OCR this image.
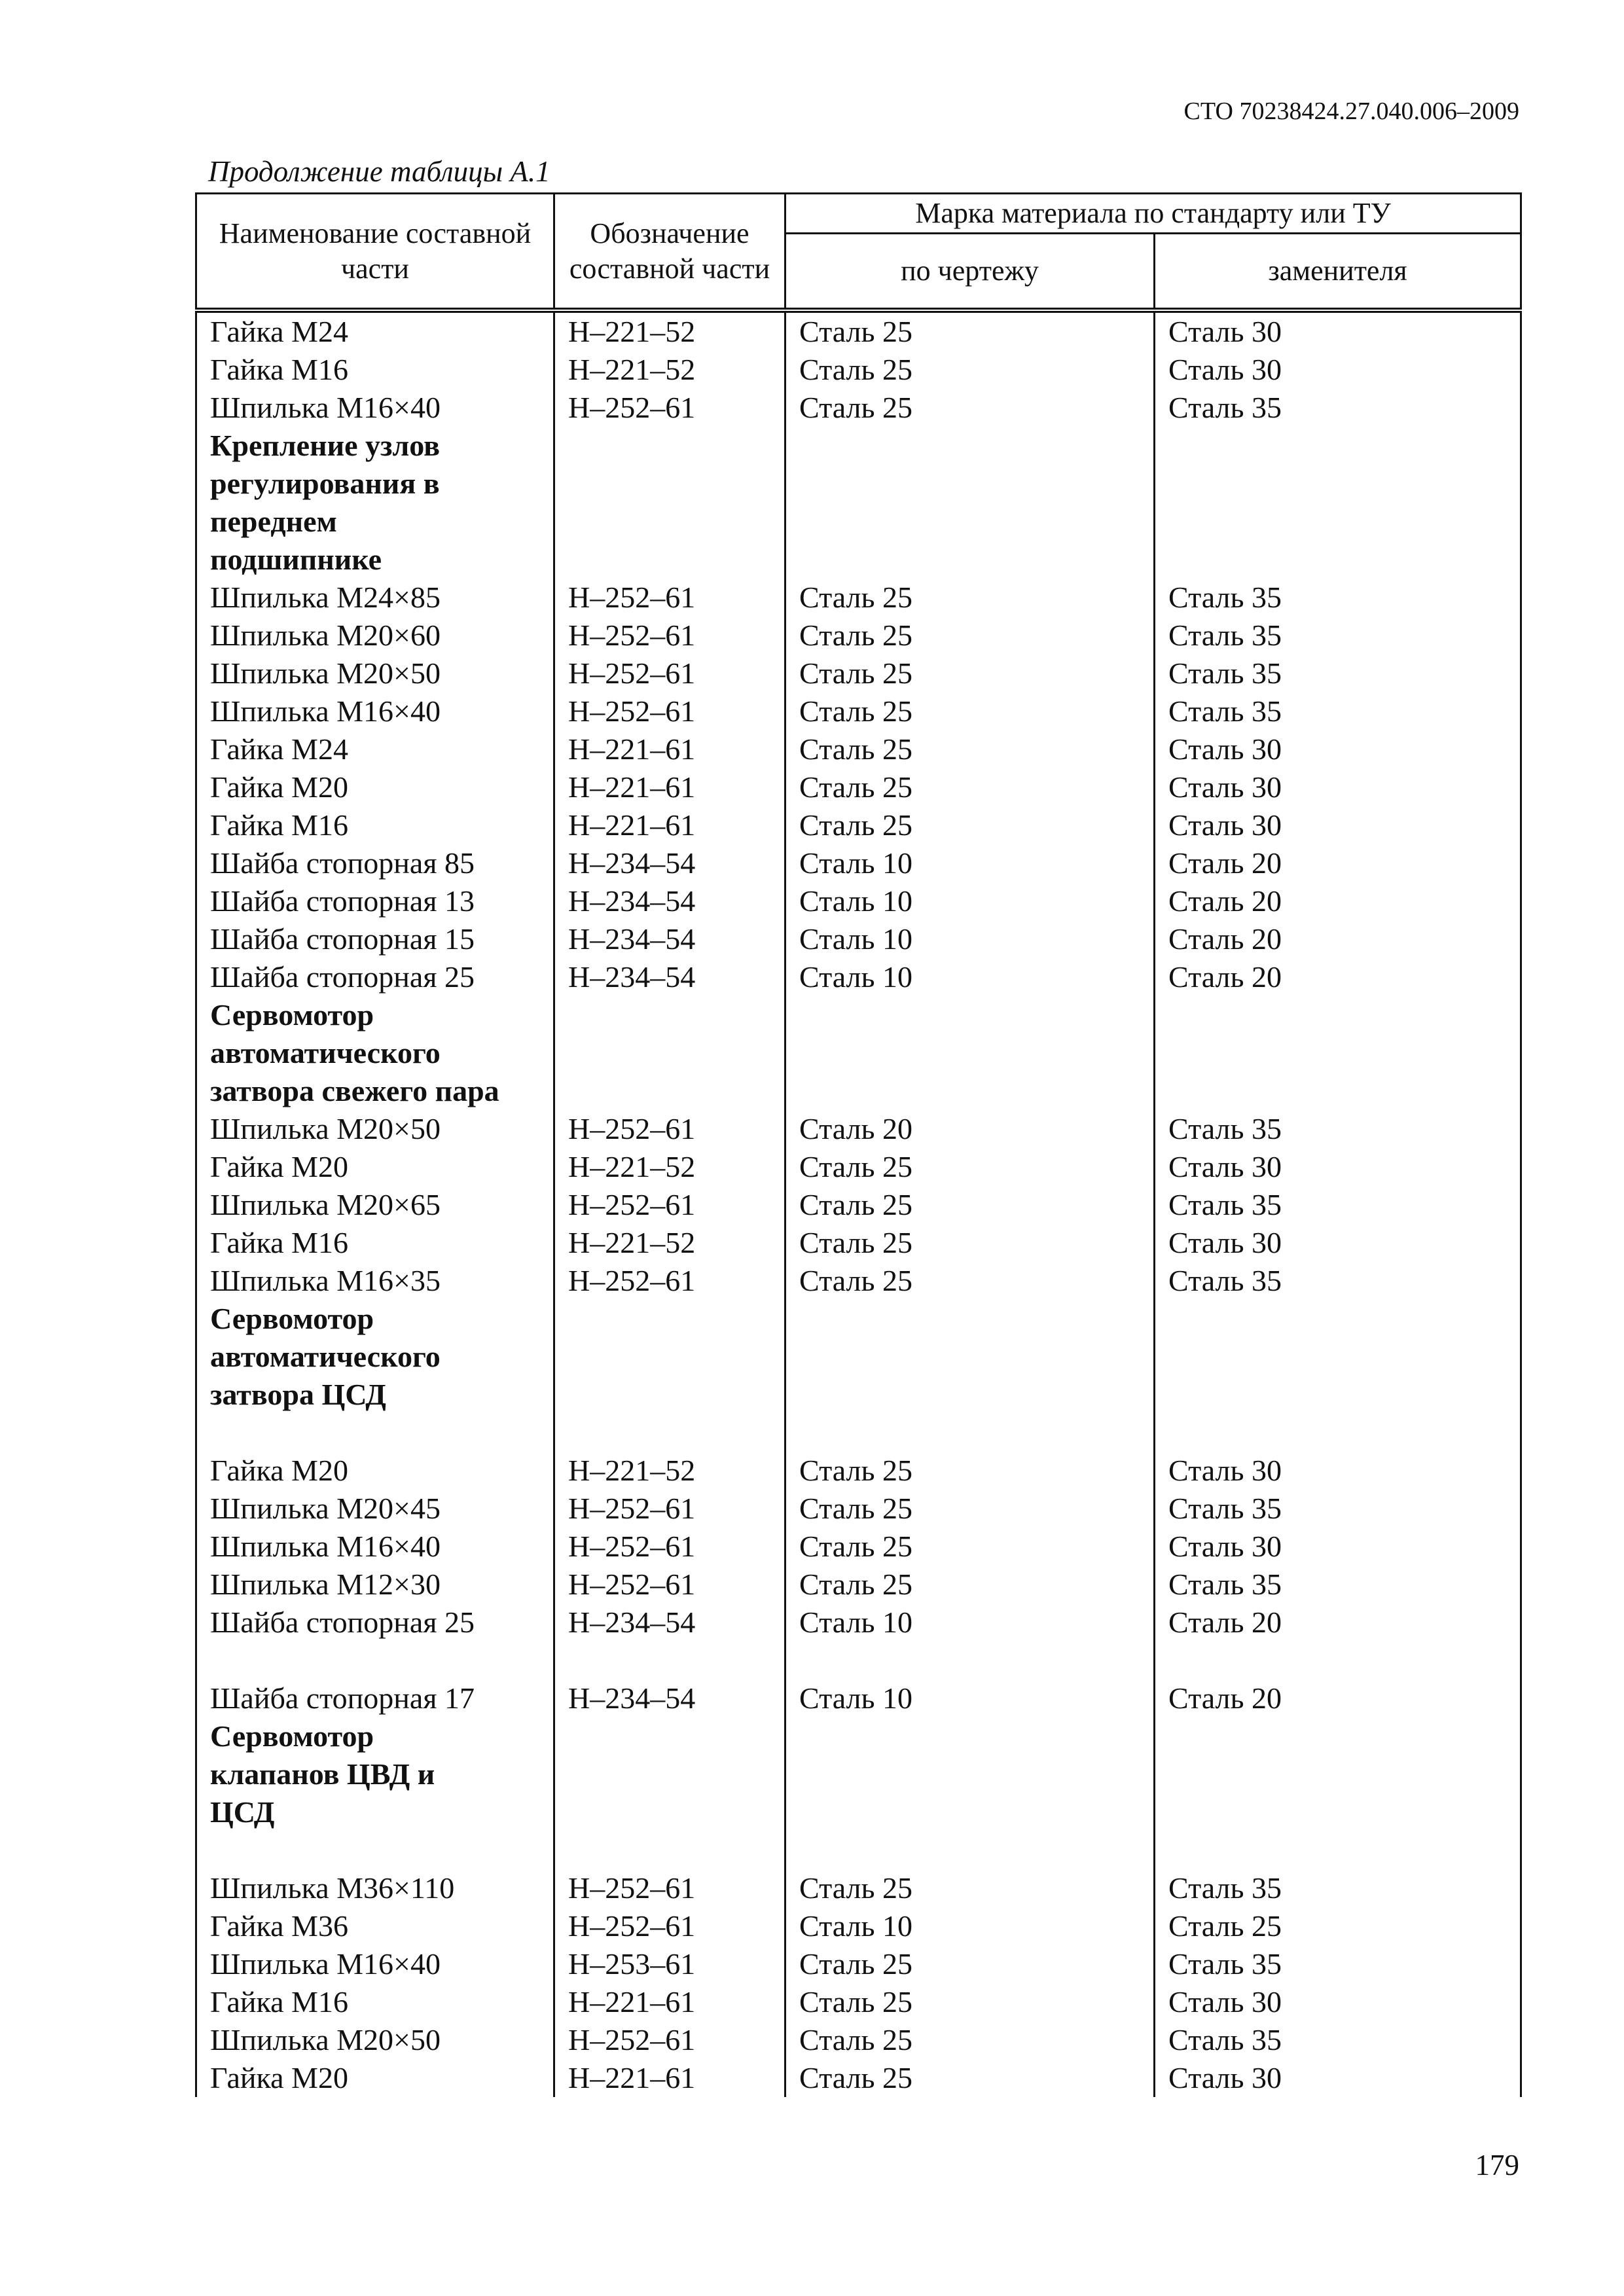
СТО 70238424.27.040.006–2009
Продолжение таблицы А.1
Наименование составной части	Обозначение составной части	Марка материала по стандарту или ТУ	
		по чертежу	заменителя
Гайка М24	Н–221–52	Сталь 25	Сталь 30
Гайка М16	Н–221–52	Сталь 25	Сталь 30
Шпилька М16×40	Н–252–61	Сталь 25	Сталь 35
Крепление узлов			
регулирования в			
переднем			
подшипнике			
Шпилька М24×85	Н–252–61	Сталь 25	Сталь 35
Шпилька М20×60	Н–252–61	Сталь 25	Сталь 35
Шпилька М20×50	Н–252–61	Сталь 25	Сталь 35
Шпилька М16×40	Н–252–61	Сталь 25	Сталь 35
Гайка М24	Н–221–61	Сталь 25	Сталь 30
Гайка М20	Н–221–61	Сталь 25	Сталь 30
Гайка М16	Н–221–61	Сталь 25	Сталь 30
Шайба стопорная 85	Н–234–54	Сталь 10	Сталь 20
Шайба стопорная 13	Н–234–54	Сталь 10	Сталь 20
Шайба стопорная 15	Н–234–54	Сталь 10	Сталь 20
Шайба стопорная 25	Н–234–54	Сталь 10	Сталь 20
Сервомотор			
автоматического			
затвора свежего пара			
Шпилька М20×50	Н–252–61	Сталь 20	Сталь 35
Гайка М20	Н–221–52	Сталь 25	Сталь 30
Шпилька М20×65	Н–252–61	Сталь 25	Сталь 35
Гайка М16	Н–221–52	Сталь 25	Сталь 30
Шпилька М16×35	Н–252–61	Сталь 25	Сталь 35
Сервомотор			
автоматического			
затвора ЦСД			

Гайка М20	Н–221–52	Сталь 25	Сталь 30
Шпилька М20×45	Н–252–61	Сталь 25	Сталь 35
Шпилька М16×40	Н–252–61	Сталь 25	Сталь 30
Шпилька М12×30	Н–252–61	Сталь 25	Сталь 35
Шайба стопорная 25	Н–234–54	Сталь 10	Сталь 20

Шайба стопорная 17	Н–234–54	Сталь 10	Сталь 20
Сервомотор			
клапанов ЦВД и			
ЦСД			

Шпилька М36×110	Н–252–61	Сталь 25	Сталь 35
Гайка М36	Н–252–61	Сталь 10	Сталь 25
Шпилька М16×40	Н–253–61	Сталь 25	Сталь 35
Гайка М16	Н–221–61	Сталь 25	Сталь 30
Шпилька М20×50	Н–252–61	Сталь 25	Сталь 35
Гайка М20	Н–221–61	Сталь 25	Сталь 30
179
